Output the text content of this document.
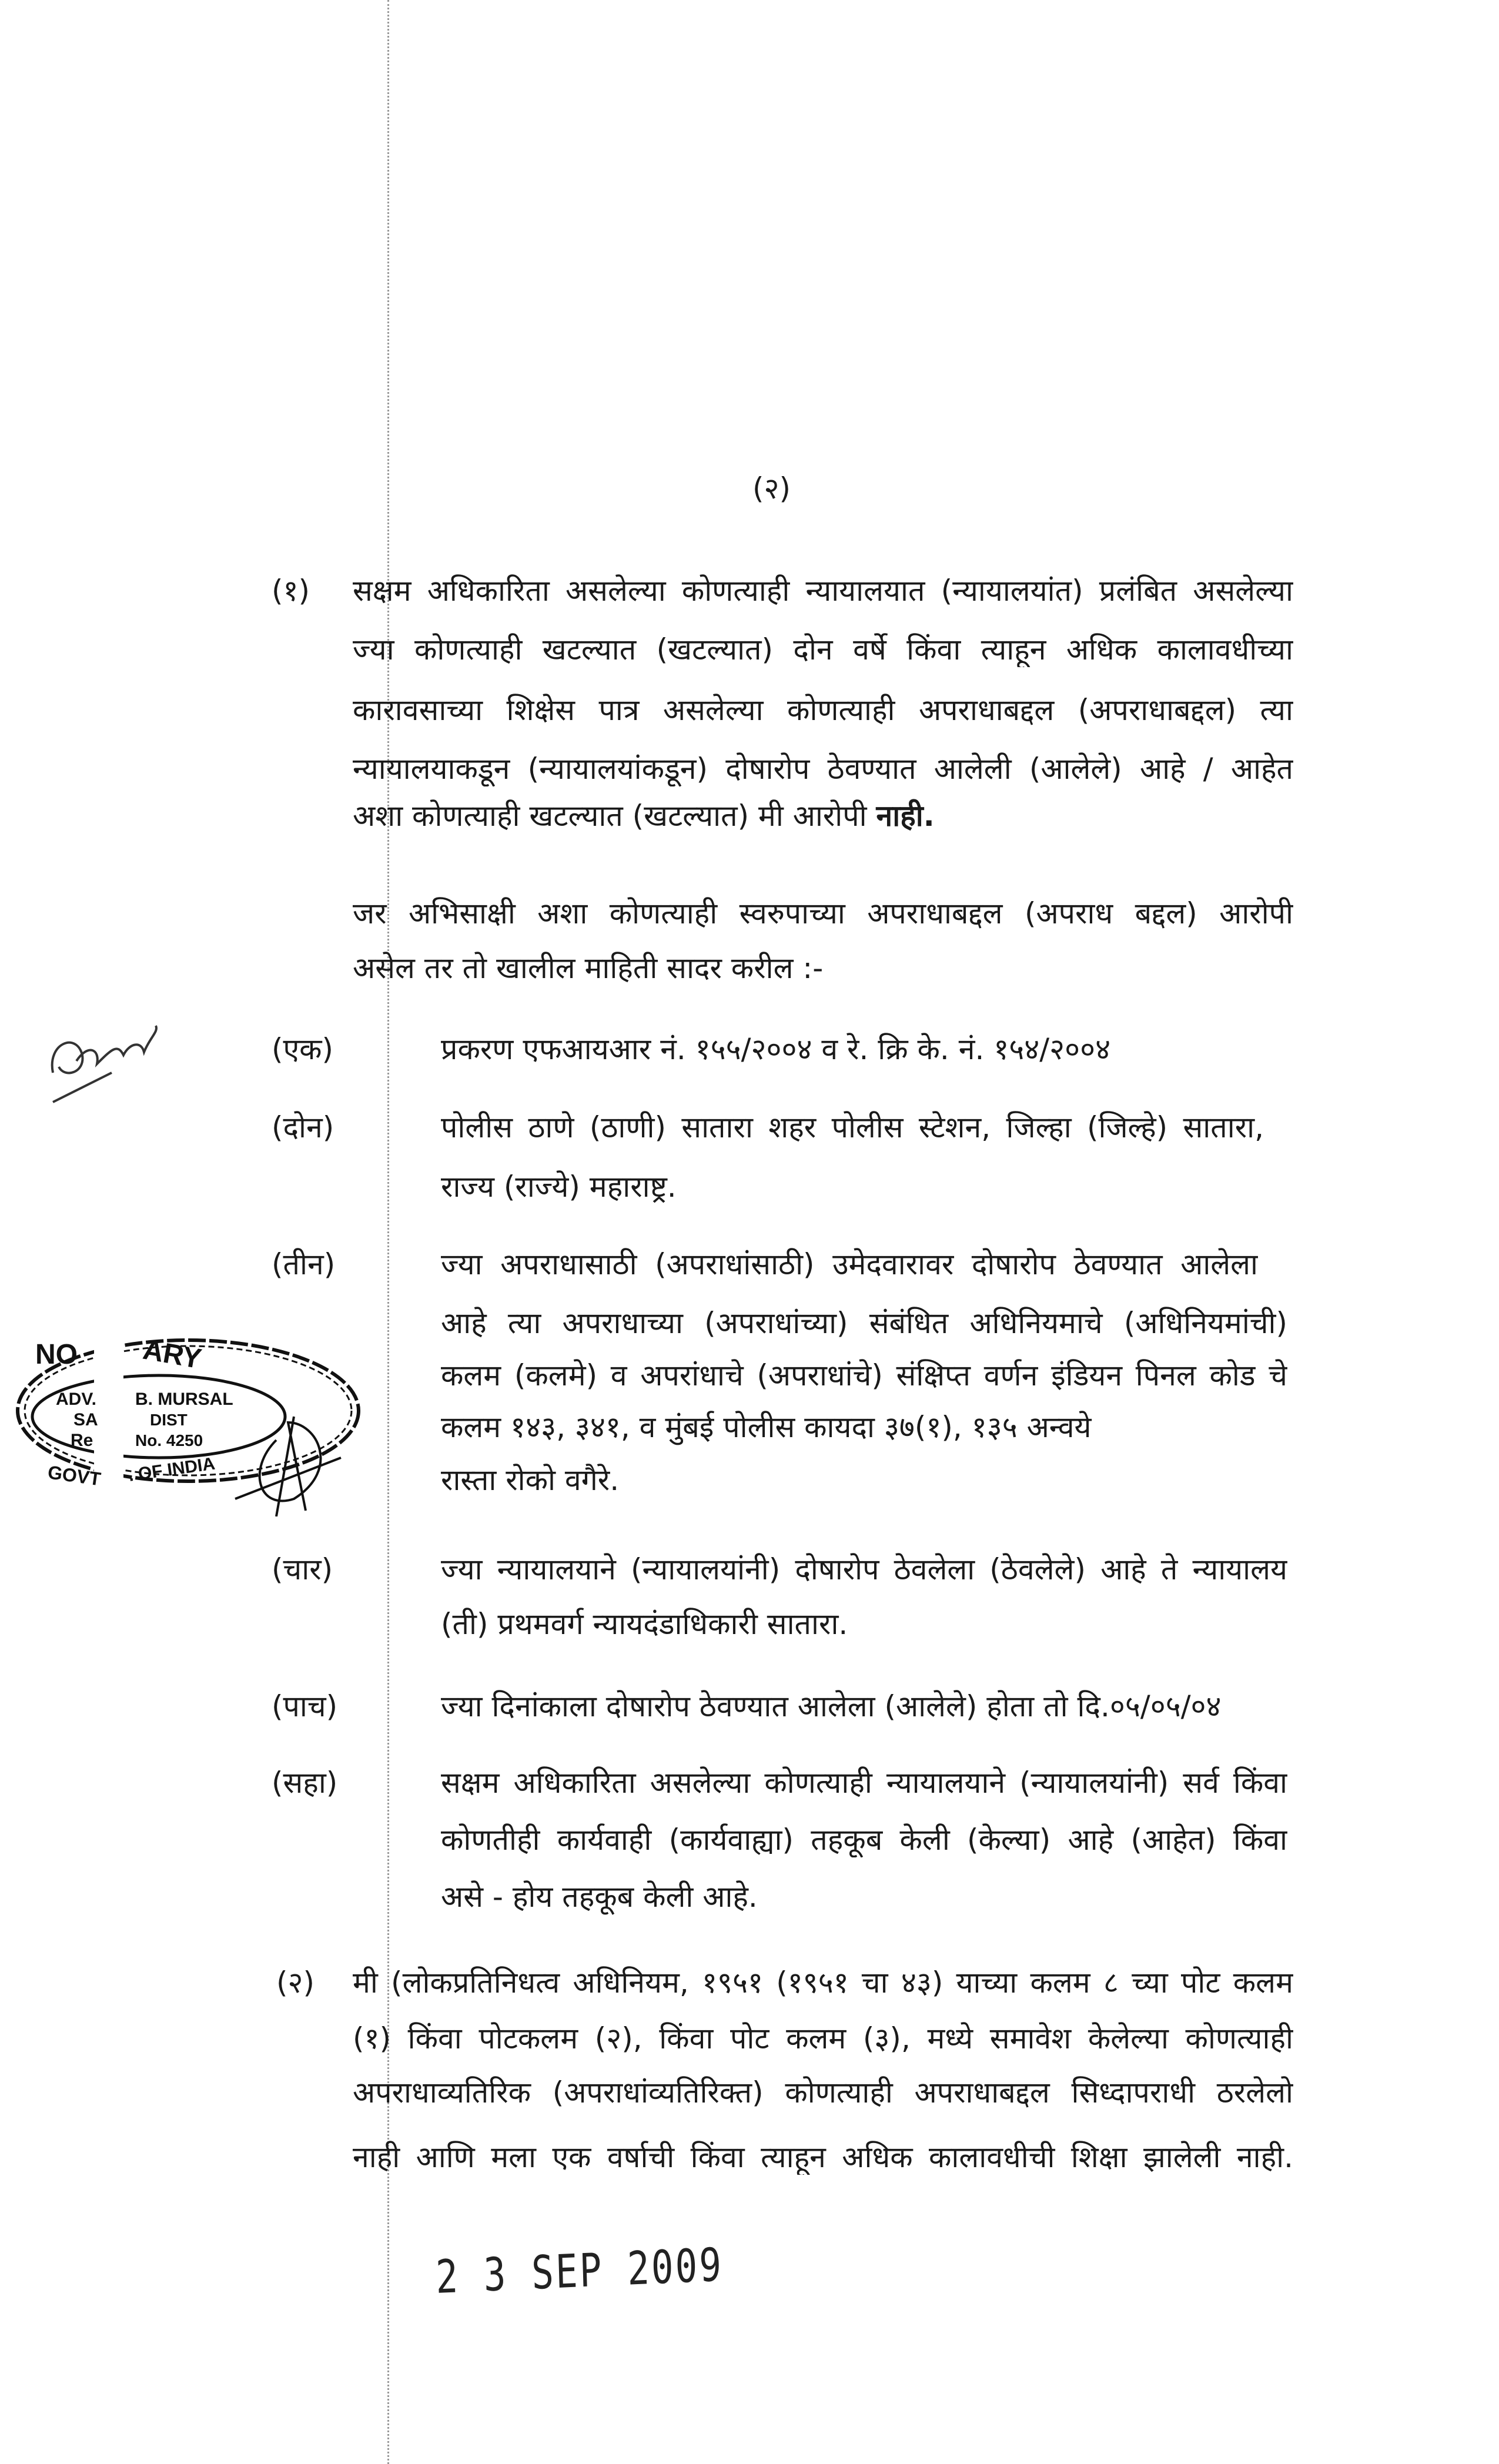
(२)
(१) सक्षम अधिकारिता असलेल्या कोणत्याही न्यायालयात (न्यायालयांत) प्रलंबित असलेल्या
ज्या कोणत्याही खटल्यात (खटल्यात) दोन वर्षे किंवा त्याहून अधिक कालावधीच्या
कारावसाच्या शिक्षेस पात्र असलेल्या कोणत्याही अपराधाबद्दल (अपराधाबद्दल) त्या
न्यायालयाकडून (न्यायालयांकडून) दोषारोप ठेवण्यात आलेली (आलेले) आहे / आहेत
अशा कोणत्याही खटल्यात (खटल्यात) मी आरोपी नाही.
जर अभिसाक्षी अशा कोणत्याही स्वरुपाच्या अपराधाबद्दल (अपराध बद्दल) आरोपी
असेल तर तो खालील माहिती सादर करील :-
(एक)	प्रकरण एफआयआर नं. १५५/२००४ व रे. क्रि के. नं. १५४/२००४
(दोन)	पोलीस ठाणे (ठाणी) सातारा शहर पोलीस स्टेशन, जिल्हा (जिल्हे) सातारा,
राज्य (राज्ये) महाराष्ट्र.
(तीन)	ज्या अपराधासाठी (अपराधांसाठी) उमेदवारावर दोषारोप ठेवण्यात आलेला
आहे त्या अपराधाच्या (अपराधांच्या) संबंधित अधिनियमाचे (अधिनियमांची)
कलम (कलमे) व अपरांधाचे (अपराधांचे) संक्षिप्त वर्णन इंडियन पिनल कोड चे
कलम १४३, ३४१, व मुंबई पोलीस कायदा ३७(१), १३५ अन्वये
रास्ता रोको वगैरे.
(चार)	ज्या न्यायालयाने (न्यायालयांनी) दोषारोप ठेवलेला (ठेवलेले) आहे ते न्यायालय
(ती) प्रथमवर्ग न्यायदंडाधिकारी सातारा.
(पाच)	ज्या दिनांकाला दोषारोप ठेवण्यात आलेला (आलेले) होता तो दि.०५/०५/०४
(सहा)	सक्षम अधिकारिता असलेल्या कोणत्याही न्यायालयाने (न्यायालयांनी) सर्व किंवा
कोणतीही कार्यवाही (कार्यवाह्या) तहकूब केली (केल्या) आहे (आहेत) किंवा
असे - होय तहकूब केली आहे.
(२) मी (लोकप्रतिनिधत्व अधिनियम, १९५१ (१९५१ चा ४३) याच्या कलम ८ च्या पोट कलम
(१) किंवा पोटकलम (२), किंवा पोट कलम (३), मध्ये समावेश केलेल्या कोणत्याही
अपराधाव्यतिरिक (अपराधांव्यतिरिक्त) कोणत्याही अपराधाबद्दल सिध्दापराधी ठरलेलो
नाही आणि मला एक वर्षाची किंवा त्याहून अधिक कालावधीची शिक्षा झालेली नाही.
2 3 SEP 2009
NO ARY
ADV. B. MURSAL
SA	DIST
Re	No. 4250
GOVT . OF INDIA
